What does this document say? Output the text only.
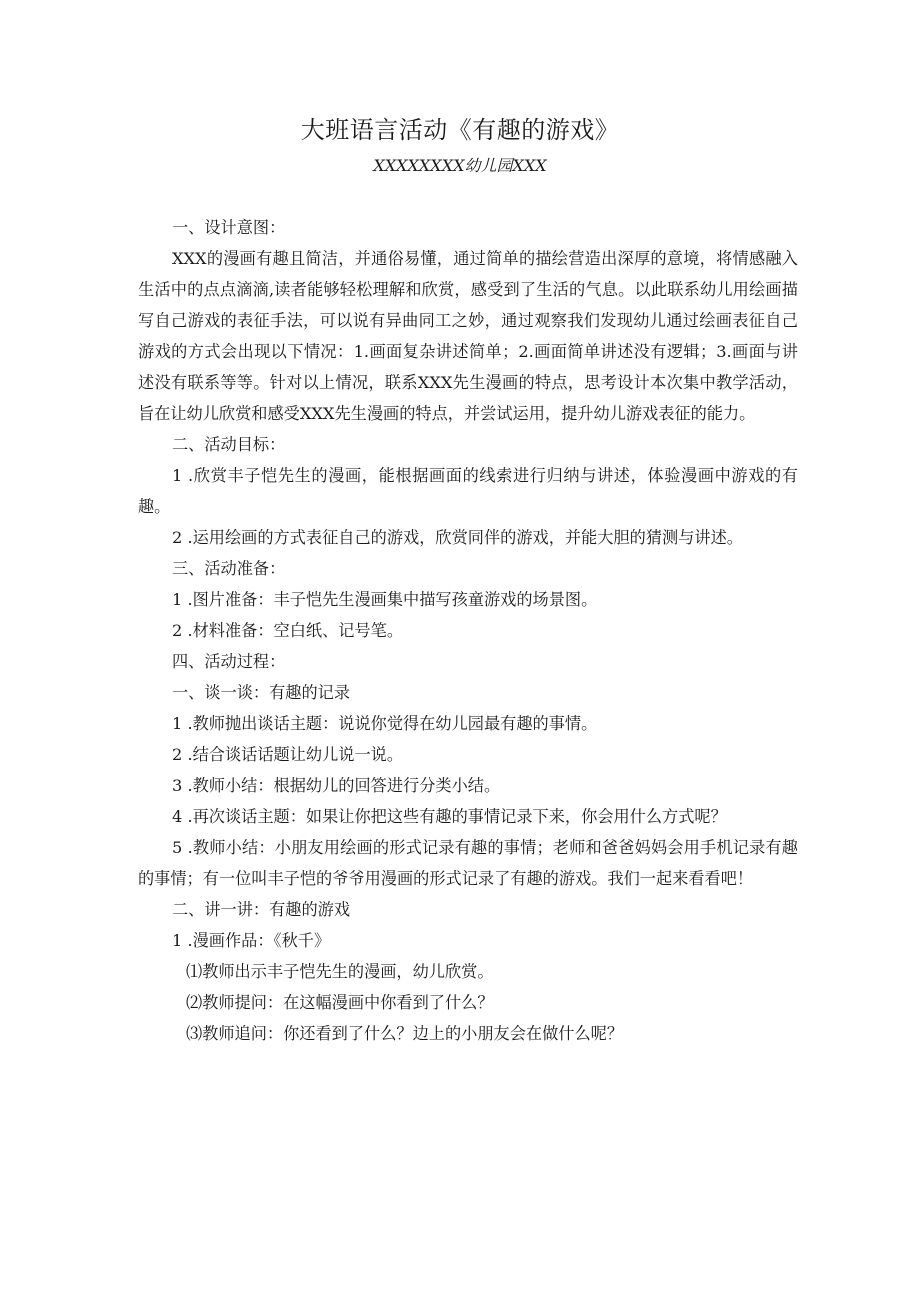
大班语言活动《有趣的游戏》
XXXXXXXX幼儿园XXX

一、设计意图：

XXX的漫画有趣且简洁，并通俗易懂，通过简单的描绘营造出深厚的意境，将情感融入生活中的点点滴滴,读者能够轻松理解和欣赏，感受到了生活的气息。以此联系幼儿用绘画描写自己游戏的表征手法，可以说有异曲同工之妙，通过观察我们发现幼儿通过绘画表征自己游戏的方式会出现以下情况：1.画面复杂讲述简单；2.画面简单讲述没有逻辑；3.画面与讲述没有联系等等。针对以上情况，联系XXX先生漫画的特点，思考设计本次集中教学活动，旨在让幼儿欣赏和感受XXX先生漫画的特点，并尝试运用，提升幼儿游戏表征的能力。

二、活动目标：

1 .欣赏丰子恺先生的漫画，能根据画面的线索进行归纳与讲述，体验漫画中游戏的有趣。

2 .运用绘画的方式表征自己的游戏，欣赏同伴的游戏，并能大胆的猜测与讲述。

三、活动准备：

1 .图片准备：丰子恺先生漫画集中描写孩童游戏的场景图。

2 .材料准备：空白纸、记号笔。

四、活动过程：

一、谈一谈：有趣的记录

1 .教师抛出谈话主题：说说你觉得在幼儿园最有趣的事情。

2 .结合谈话话题让幼儿说一说。

3 .教师小结：根据幼儿的回答进行分类小结。

4 .再次谈话主题：如果让你把这些有趣的事情记录下来，你会用什么方式呢？

5 .教师小结：小朋友用绘画的形式记录有趣的事情；老师和爸爸妈妈会用手机记录有趣的事情；有一位叫丰子恺的爷爷用漫画的形式记录了有趣的游戏。我们一起来看看吧！

二、讲一讲：有趣的游戏

1 .漫画作品：《秋千》

⑴教师出示丰子恺先生的漫画，幼儿欣赏。

⑵教师提问：在这幅漫画中你看到了什么？

⑶教师追问：你还看到了什么？边上的小朋友会在做什么呢？
